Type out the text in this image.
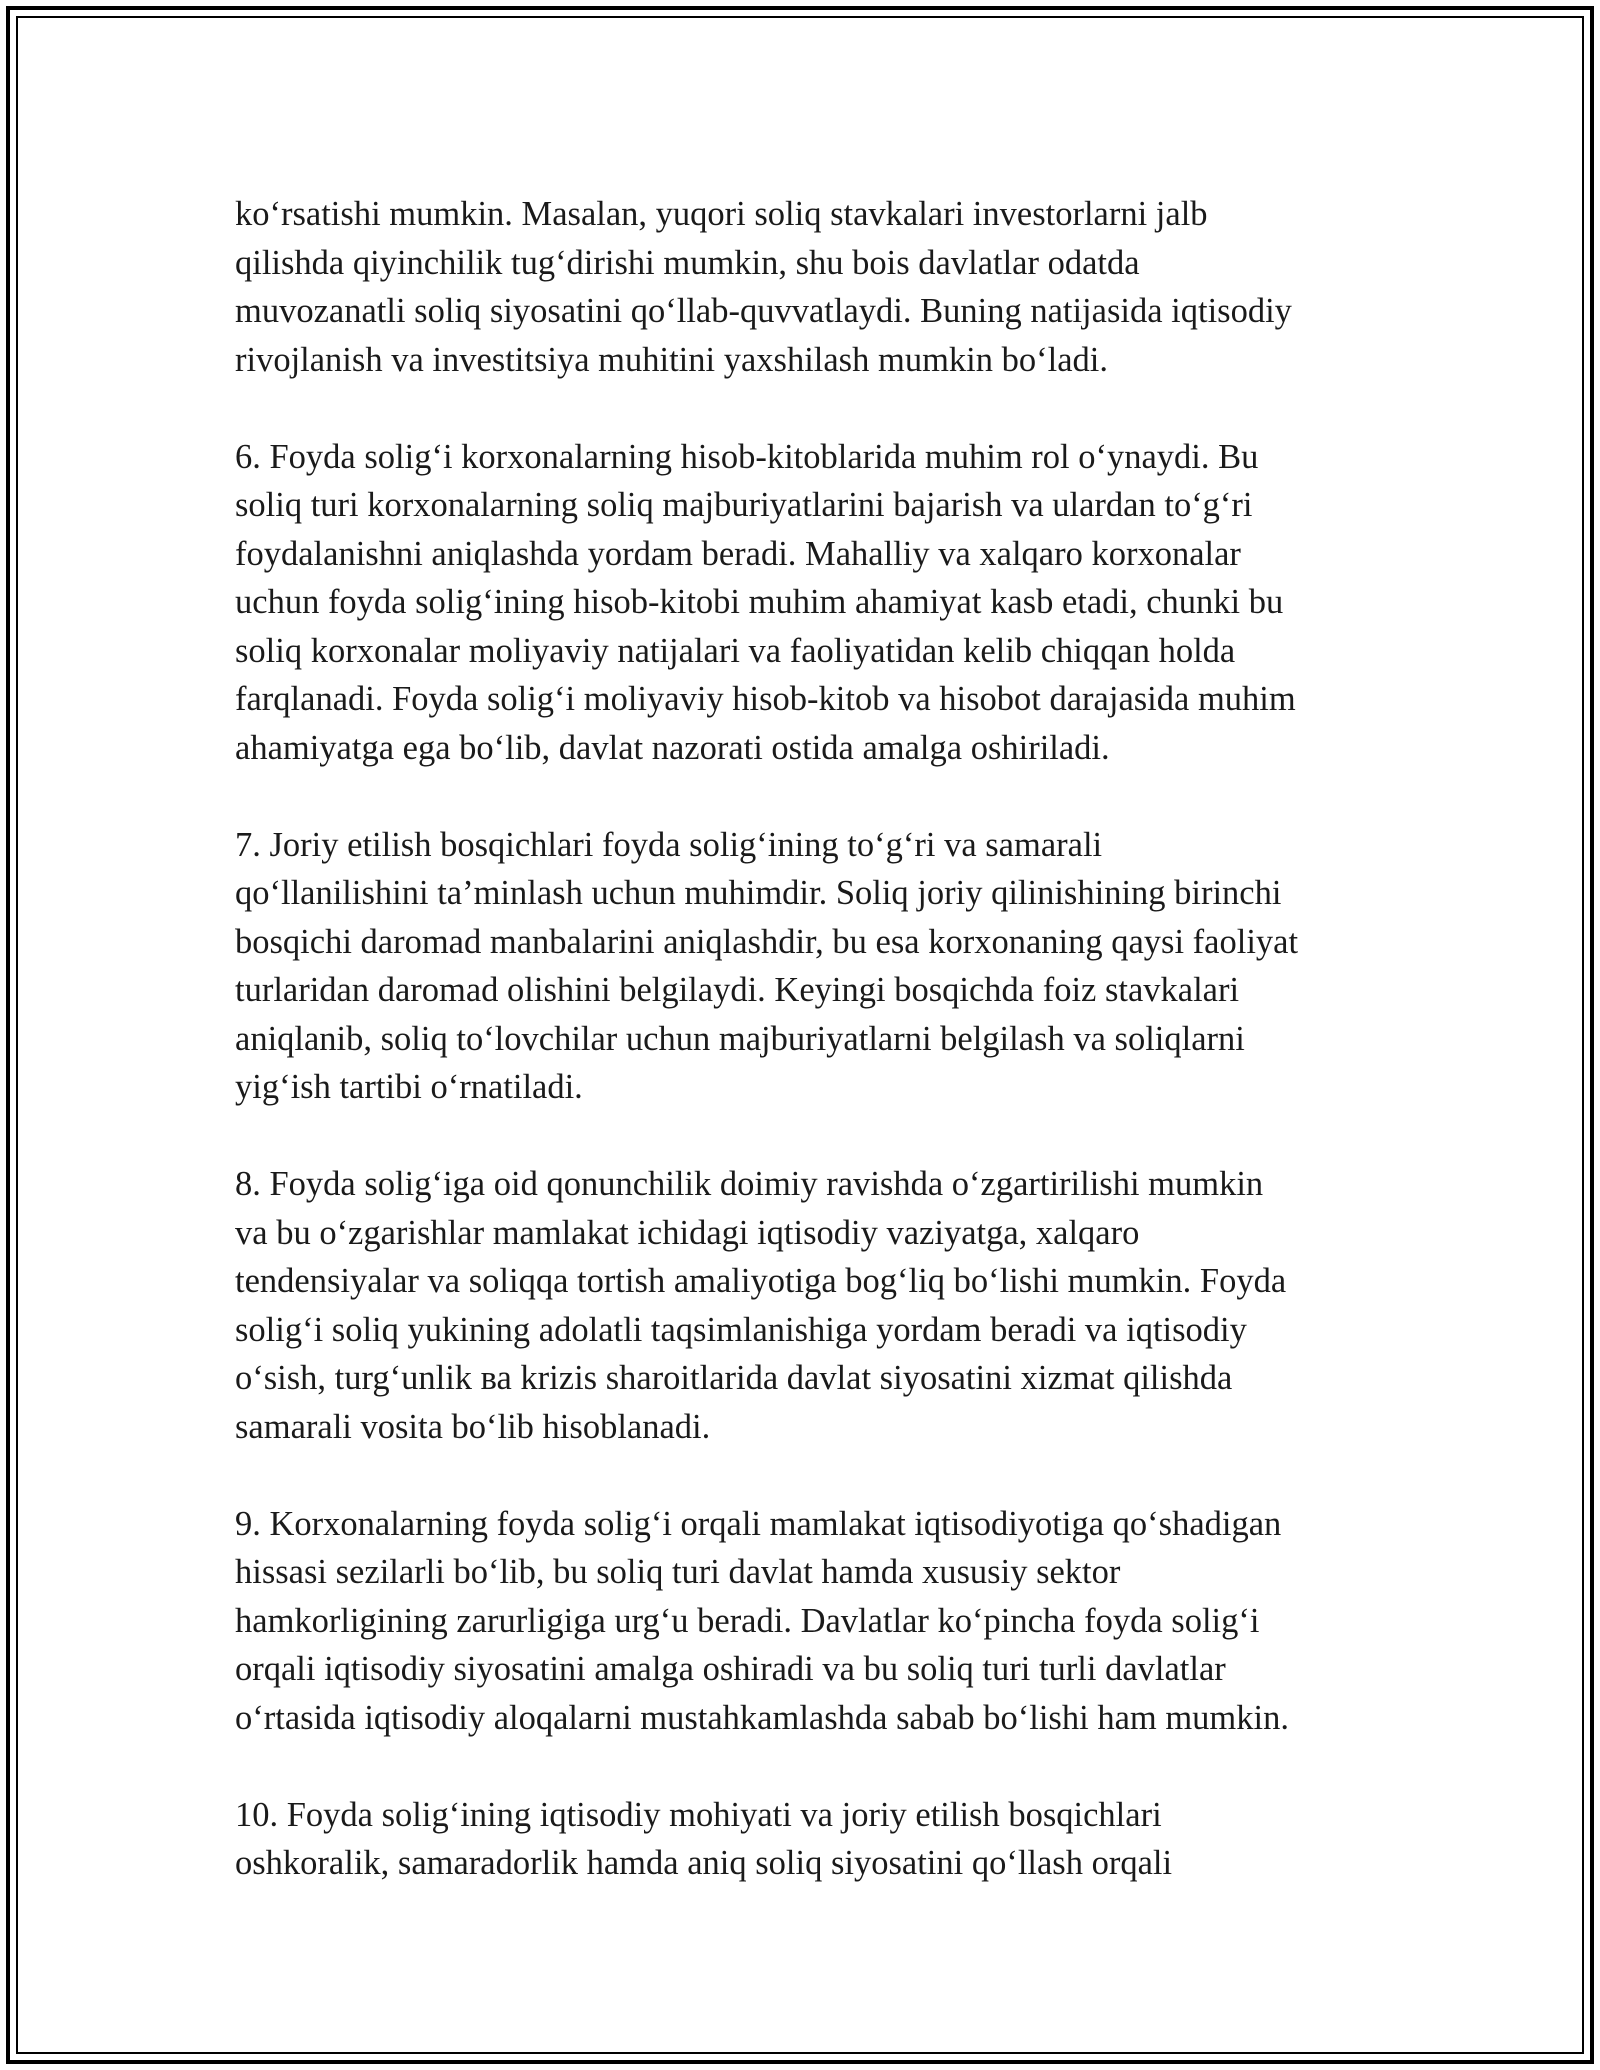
ko‘rsatishi mumkin. Masalan, yuqori soliq stavkalari investorlarni jalb
qilishda qiyinchilik tug‘dirishi mumkin, shu bois davlatlar odatda
muvozanatli soliq siyosatini qo‘llab-quvvatlaydi. Buning natijasida iqtisodiy
rivojlanish va investitsiya muhitini yaxshilash mumkin bo‘ladi.

6. Foyda solig‘i korxonalarning hisob-kitoblarida muhim rol o‘ynaydi. Bu
soliq turi korxonalarning soliq majburiyatlarini bajarish va ulardan to‘g‘ri
foydalanishni aniqlashda yordam beradi. Mahalliy va xalqaro korxonalar
uchun foyda solig‘ining hisob-kitobi muhim ahamiyat kasb etadi, chunki bu
soliq korxonalar moliyaviy natijalari va faoliyatidan kelib chiqqan holda
farqlanadi. Foyda solig‘i moliyaviy hisob-kitob va hisobot darajasida muhim
ahamiyatga ega bo‘lib, davlat nazorati ostida amalga oshiriladi.

7. Joriy etilish bosqichlari foyda solig‘ining to‘g‘ri va samarali
qo‘llanilishini ta’minlash uchun muhimdir. Soliq joriy qilinishining birinchi
bosqichi daromad manbalarini aniqlashdir, bu esa korxonaning qaysi faoliyat
turlaridan daromad olishini belgilaydi. Keyingi bosqichda foiz stavkalari
aniqlanib, soliq to‘lovchilar uchun majburiyatlarni belgilash va soliqlarni
yig‘ish tartibi o‘rnatiladi.

8. Foyda solig‘iga oid qonunchilik doimiy ravishda o‘zgartirilishi mumkin
va bu o‘zgarishlar mamlakat ichidagi iqtisodiy vaziyatga, xalqaro
tendensiyalar va soliqqa tortish amaliyotiga bog‘liq bo‘lishi mumkin. Foyda
solig‘i soliq yukining adolatli taqsimlanishiga yordam beradi va iqtisodiy
o‘sish, turg‘unlik ва krizis sharoitlarida davlat siyosatini xizmat qilishda
samarali vosita bo‘lib hisoblanadi.

9. Korxonalarning foyda solig‘i orqali mamlakat iqtisodiyotiga qo‘shadigan
hissasi sezilarli bo‘lib, bu soliq turi davlat hamda xususiy sektor
hamkorligining zarurligiga urg‘u beradi. Davlatlar ko‘pincha foyda solig‘i
orqali iqtisodiy siyosatini amalga oshiradi va bu soliq turi turli davlatlar
o‘rtasida iqtisodiy aloqalarni mustahkamlashda sabab bo‘lishi ham mumkin.

10. Foyda solig‘ining iqtisodiy mohiyati va joriy etilish bosqichlari
oshkoralik, samaradorlik hamda aniq soliq siyosatini qo‘llash orqali
